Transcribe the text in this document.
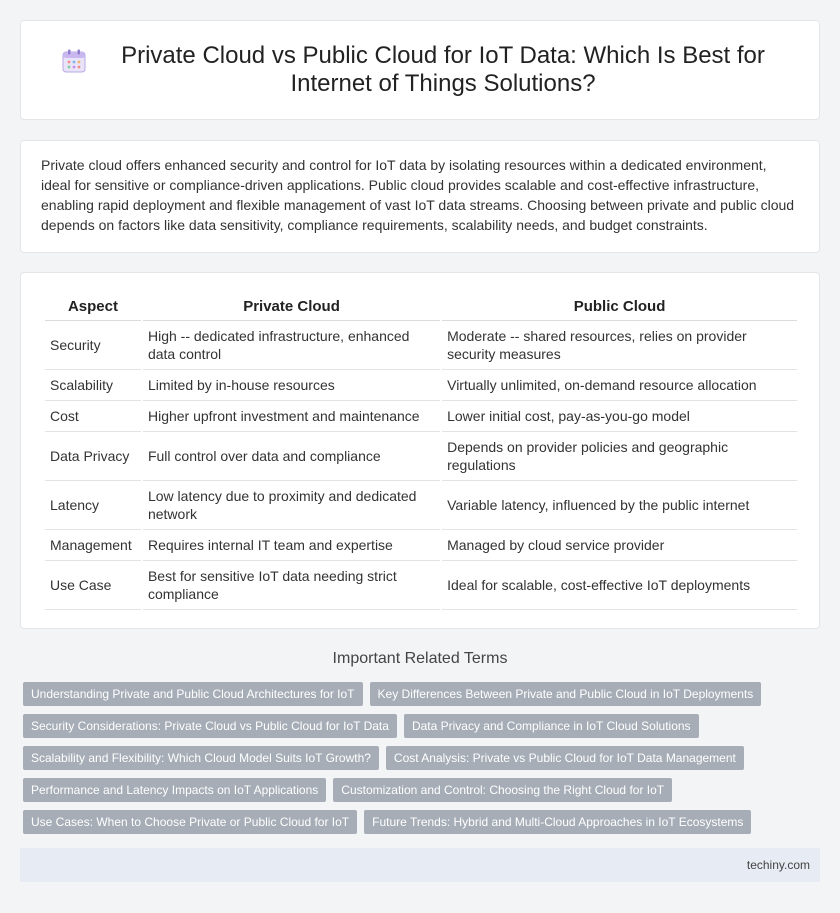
Private Cloud vs Public Cloud for IoT Data: Which Is Best for Internet of Things Solutions?

Private cloud offers enhanced security and control for IoT data by isolating resources within a dedicated environment, ideal for sensitive or compliance-driven applications. Public cloud provides scalable and cost-effective infrastructure, enabling rapid deployment and flexible management of vast IoT data streams. Choosing between private and public cloud depends on factors like data sensitivity, compliance requirements, scalability needs, and budget constraints.

Aspect	Private Cloud	Public Cloud
Security	High -- dedicated infrastructure, enhanced data control	Moderate -- shared resources, relies on provider security measures
Scalability	Limited by in-house resources	Virtually unlimited, on-demand resource allocation
Cost	Higher upfront investment and maintenance	Lower initial cost, pay-as-you-go model
Data Privacy	Full control over data and compliance	Depends on provider policies and geographic regulations
Latency	Low latency due to proximity and dedicated network	Variable latency, influenced by the public internet
Management	Requires internal IT team and expertise	Managed by cloud service provider
Use Case	Best for sensitive IoT data needing strict compliance	Ideal for scalable, cost-effective IoT deployments
Important Related Terms
Understanding Private and Public Cloud Architectures for IoT	Key Differences Between Private and Public Cloud in IoT Deployments
Security Considerations: Private Cloud vs Public Cloud for IoT Data	Data Privacy and Compliance in IoT Cloud Solutions
Scalability and Flexibility: Which Cloud Model Suits IoT Growth?	Cost Analysis: Private vs Public Cloud for IoT Data Management
Performance and Latency Impacts on IoT Applications	Customization and Control: Choosing the Right Cloud for IoT
Use Cases: When to Choose Private or Public Cloud for IoT	Future Trends: Hybrid and Multi-Cloud Approaches in IoT Ecosystems
techiny.com
